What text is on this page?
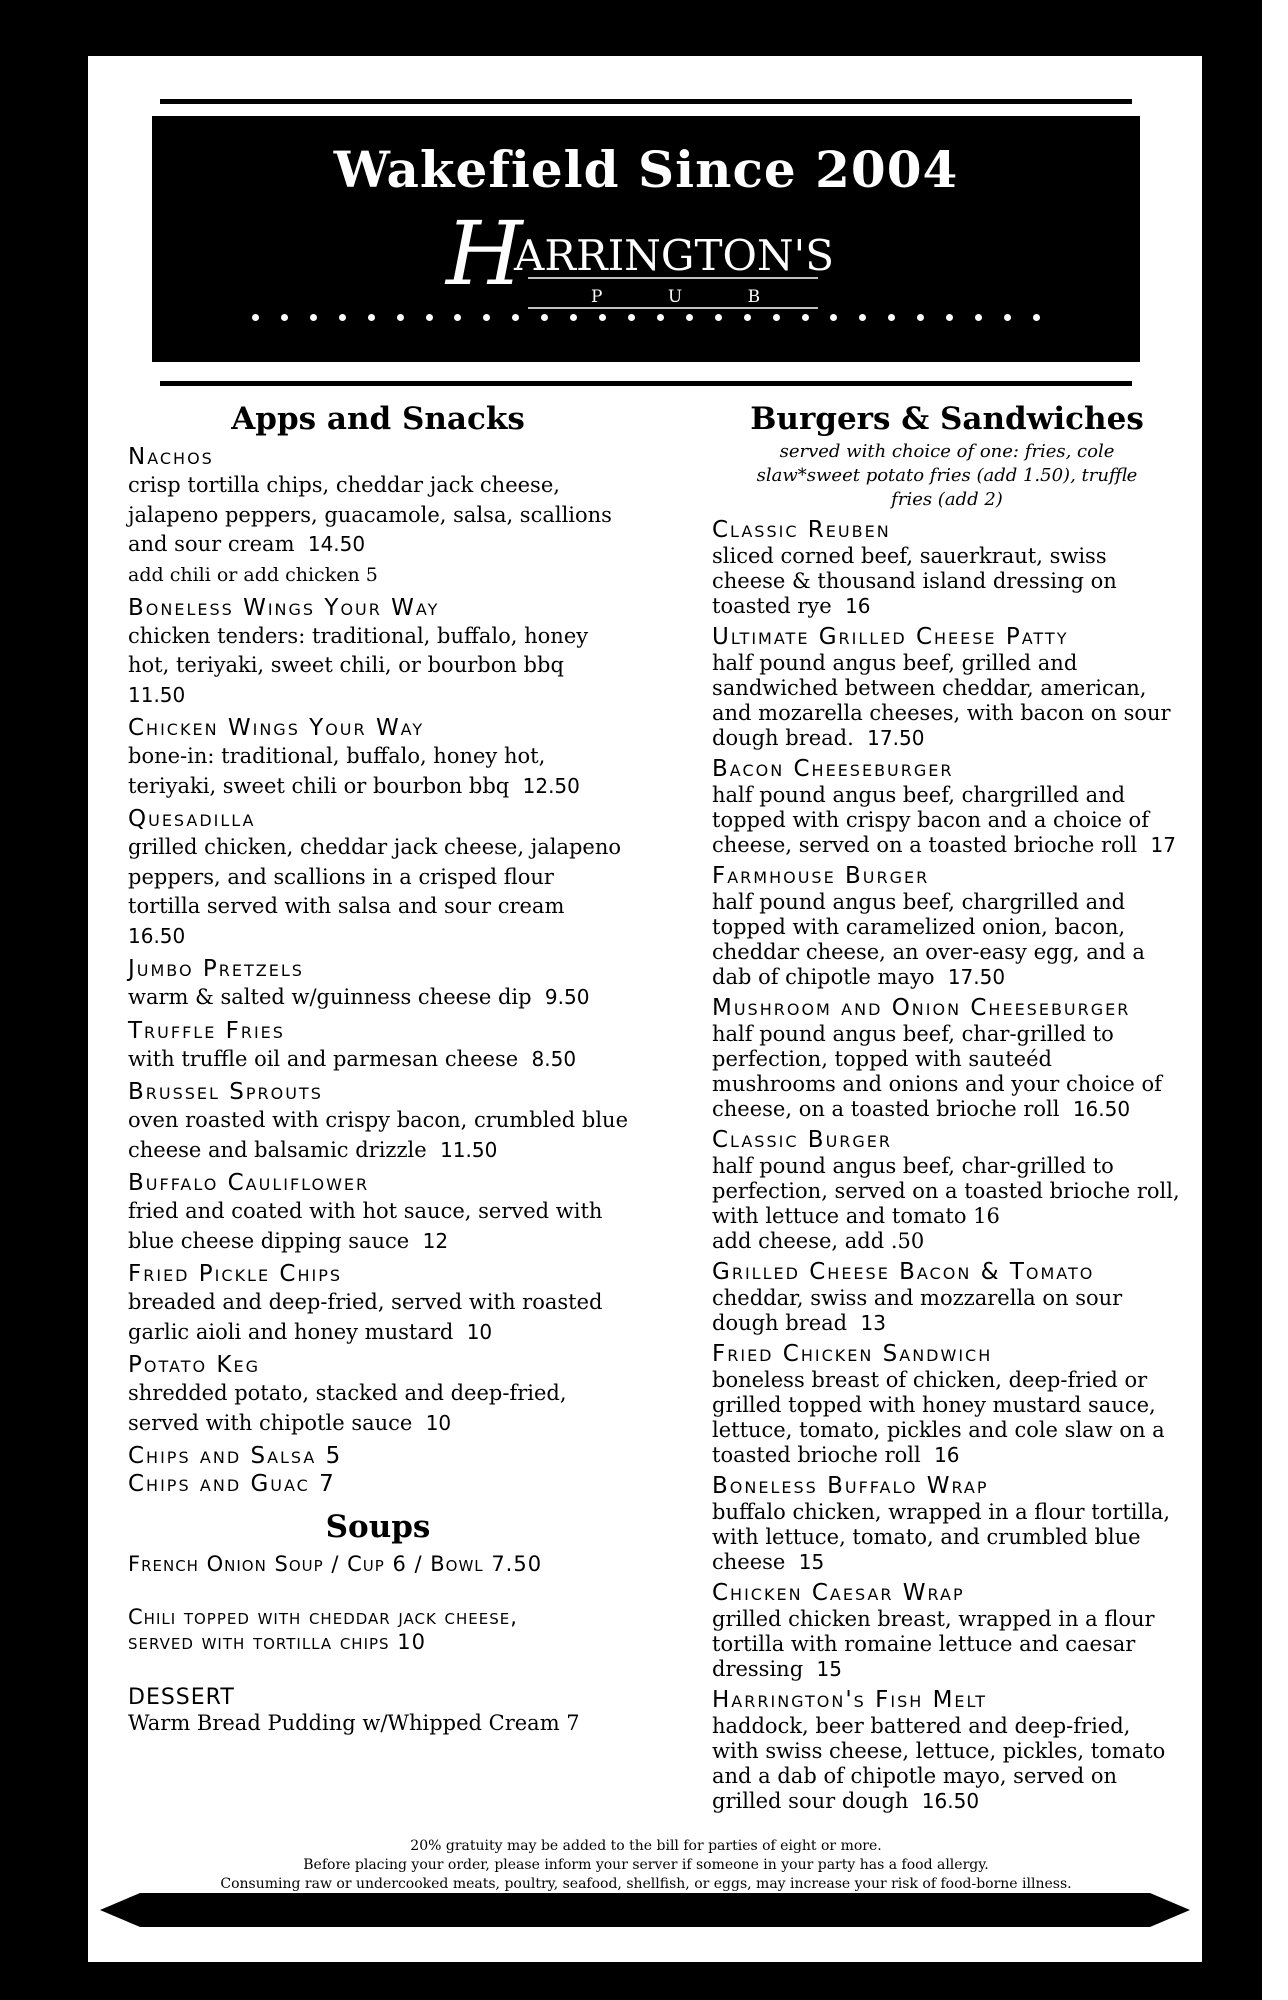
Wakefield Since 2004
H
ARRINGTON'S
P U B
Apps and Snacks
Nachos
crisp tortilla chips, cheddar jack cheese, jalapeno peppers, guacamole, salsa, scallions and sour cream 14.50
add chili or add chicken 5
Boneless Wings Your Way
chicken tenders: traditional, buffalo, honey hot, teriyaki, sweet chili, or bourbon bbq  11.50
Chicken Wings Your Way
bone-in: traditional, buffalo, honey hot, teriyaki, sweet chili or bourbon bbq 12.50
Quesadilla
grilled chicken, cheddar jack cheese, jalapeno peppers, and scallions in a crisped flour tortilla served with salsa and sour cream  16.50
Jumbo Pretzels
warm & salted w/guinness cheese dip 9.50
Truffle Fries
with truffle oil and parmesan cheese 8.50
Brussel Sprouts
oven roasted with crispy bacon, crumbled blue cheese and balsamic drizzle 11.50
Buffalo Cauliflower
fried and coated with hot sauce, served with blue cheese dipping sauce 12
Fried Pickle Chips
breaded and deep-fried, served with roasted garlic aioli and honey mustard 10
Potato Keg
shredded potato, stacked and deep-fried, served with chipotle sauce 10
Chips and Salsa 5
Chips and Guac 7
Soups
French Onion Soup / Cup 6 / Bowl 7.50
Chili topped with cheddar jack cheese, served with tortilla chips 10
DESSERT
Warm Bread Pudding w/Whipped Cream 7
Burgers & Sandwiches
served with choice of one: fries, cole slaw*sweet potato fries (add 1.50), truffle fries (add 2)
Classic Reuben
sliced corned beef, sauerkraut, swiss cheese & thousand island dressing on toasted rye 16
Ultimate Grilled Cheese Patty
half pound angus beef, grilled and sandwiched between cheddar, american, and mozarella cheeses, with bacon on sour dough bread. 17.50
Bacon Cheeseburger
half pound angus beef, chargrilled and topped with crispy bacon and a choice of cheese, served on a toasted brioche roll 17
Farmhouse Burger
half pound angus beef, chargrilled and topped with caramelized onion, bacon, cheddar cheese, an over-easy egg, and a dab of chipotle mayo 17.50
Mushroom and Onion Cheeseburger
half pound angus beef, char-grilled to perfection, topped with sauteéd mushrooms and onions and your choice of cheese, on a toasted brioche roll 16.50
Classic Burger
half pound angus beef, char-grilled to perfection, served on a toasted brioche roll, with lettuce and tomato 16
add cheese, add .50
Grilled Cheese Bacon & Tomato
cheddar, swiss and mozzarella on sour dough bread 13
Fried Chicken Sandwich
boneless breast of chicken, deep-fried or grilled topped with honey mustard sauce, lettuce, tomato, pickles and cole slaw on a toasted brioche roll 16
Boneless Buffalo Wrap
buffalo chicken, wrapped in a flour tortilla, with lettuce, tomato, and crumbled blue cheese 15
Chicken Caesar Wrap
grilled chicken breast, wrapped in a flour tortilla with romaine lettuce and caesar dressing 15
Harrington's Fish Melt
haddock, beer battered and deep-fried, with swiss cheese, lettuce, pickles, tomato and a dab of chipotle mayo, served on grilled sour dough 16.50
20% gratuity may be added to the bill for parties of eight or more.
Before placing your order, please inform your server if someone in your party has a food allergy.
Consuming raw or undercooked meats, poultry, seafood, shellfish, or eggs, may increase your risk of food-borne illness.
